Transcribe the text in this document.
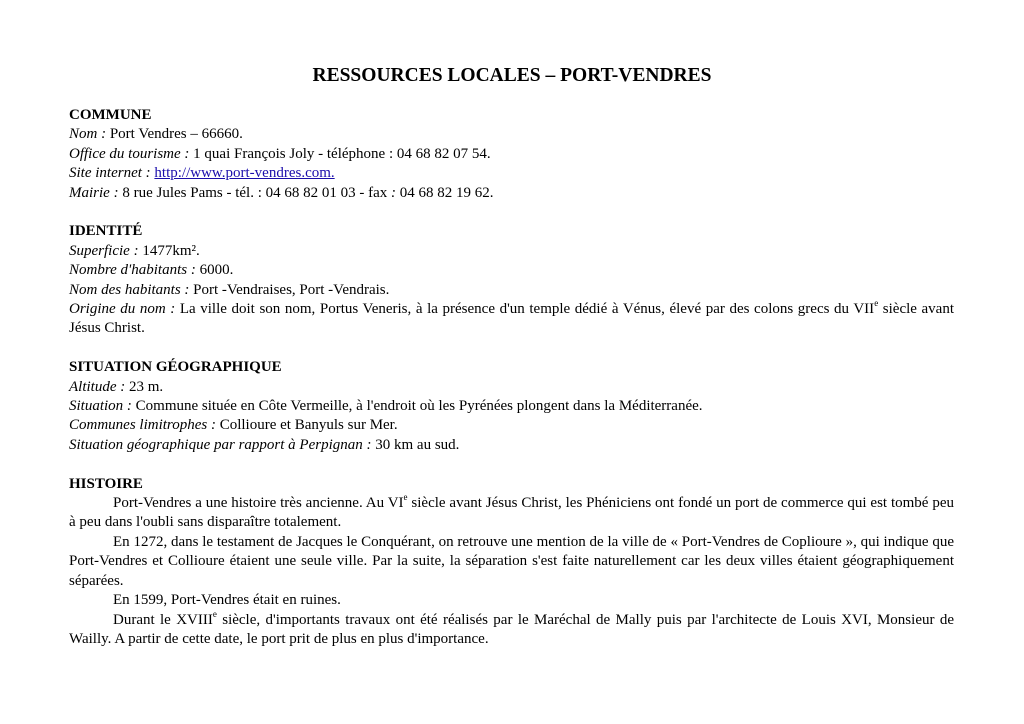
RESSOURCES LOCALES – PORT-VENDRES
COMMUNE
Nom : Port Vendres – 66660.
Office du tourisme : 1 quai François Joly - téléphone : 04 68 82 07 54.
Site internet : http://www.port-vendres.com.
Mairie : 8 rue Jules Pams - tél. : 04 68 82 01 03 - fax : 04 68 82 19 62.
IDENTITÉ
Superficie : 1477km².
Nombre d'habitants : 6000.
Nom des habitants : Port -Vendraises, Port -Vendrais.
Origine du nom : La ville doit son nom, Portus Veneris, à la présence d'un temple dédié à Vénus, élevé par des colons grecs du VIIe siècle avant Jésus Christ.
SITUATION GÉOGRAPHIQUE
Altitude : 23 m.
Situation : Commune située en Côte Vermeille, à l'endroit où les Pyrénées plongent dans la Méditerranée.
Communes limitrophes : Collioure et Banyuls sur Mer.
Situation géographique par rapport à Perpignan : 30 km au sud.
HISTOIRE
Port-Vendres a une histoire très ancienne. Au VIe siècle avant Jésus Christ, les Phéniciens ont fondé un port de commerce qui est tombé peu à peu dans l'oubli sans disparaître totalement.
En 1272, dans le testament de Jacques le Conquérant, on retrouve une mention de la ville de « Port-Vendres de Coplioure », qui indique que Port-Vendres et Collioure étaient une seule ville. Par la suite, la séparation s'est faite naturellement car les deux villes étaient géographiquement séparées.
En 1599, Port-Vendres était en ruines.
Durant le XVIIIe siècle, d'importants travaux ont été réalisés par le Maréchal de Mally puis par l'architecte de Louis XVI, Monsieur de Wailly. A partir de cette date, le port prit de plus en plus d'importance.
